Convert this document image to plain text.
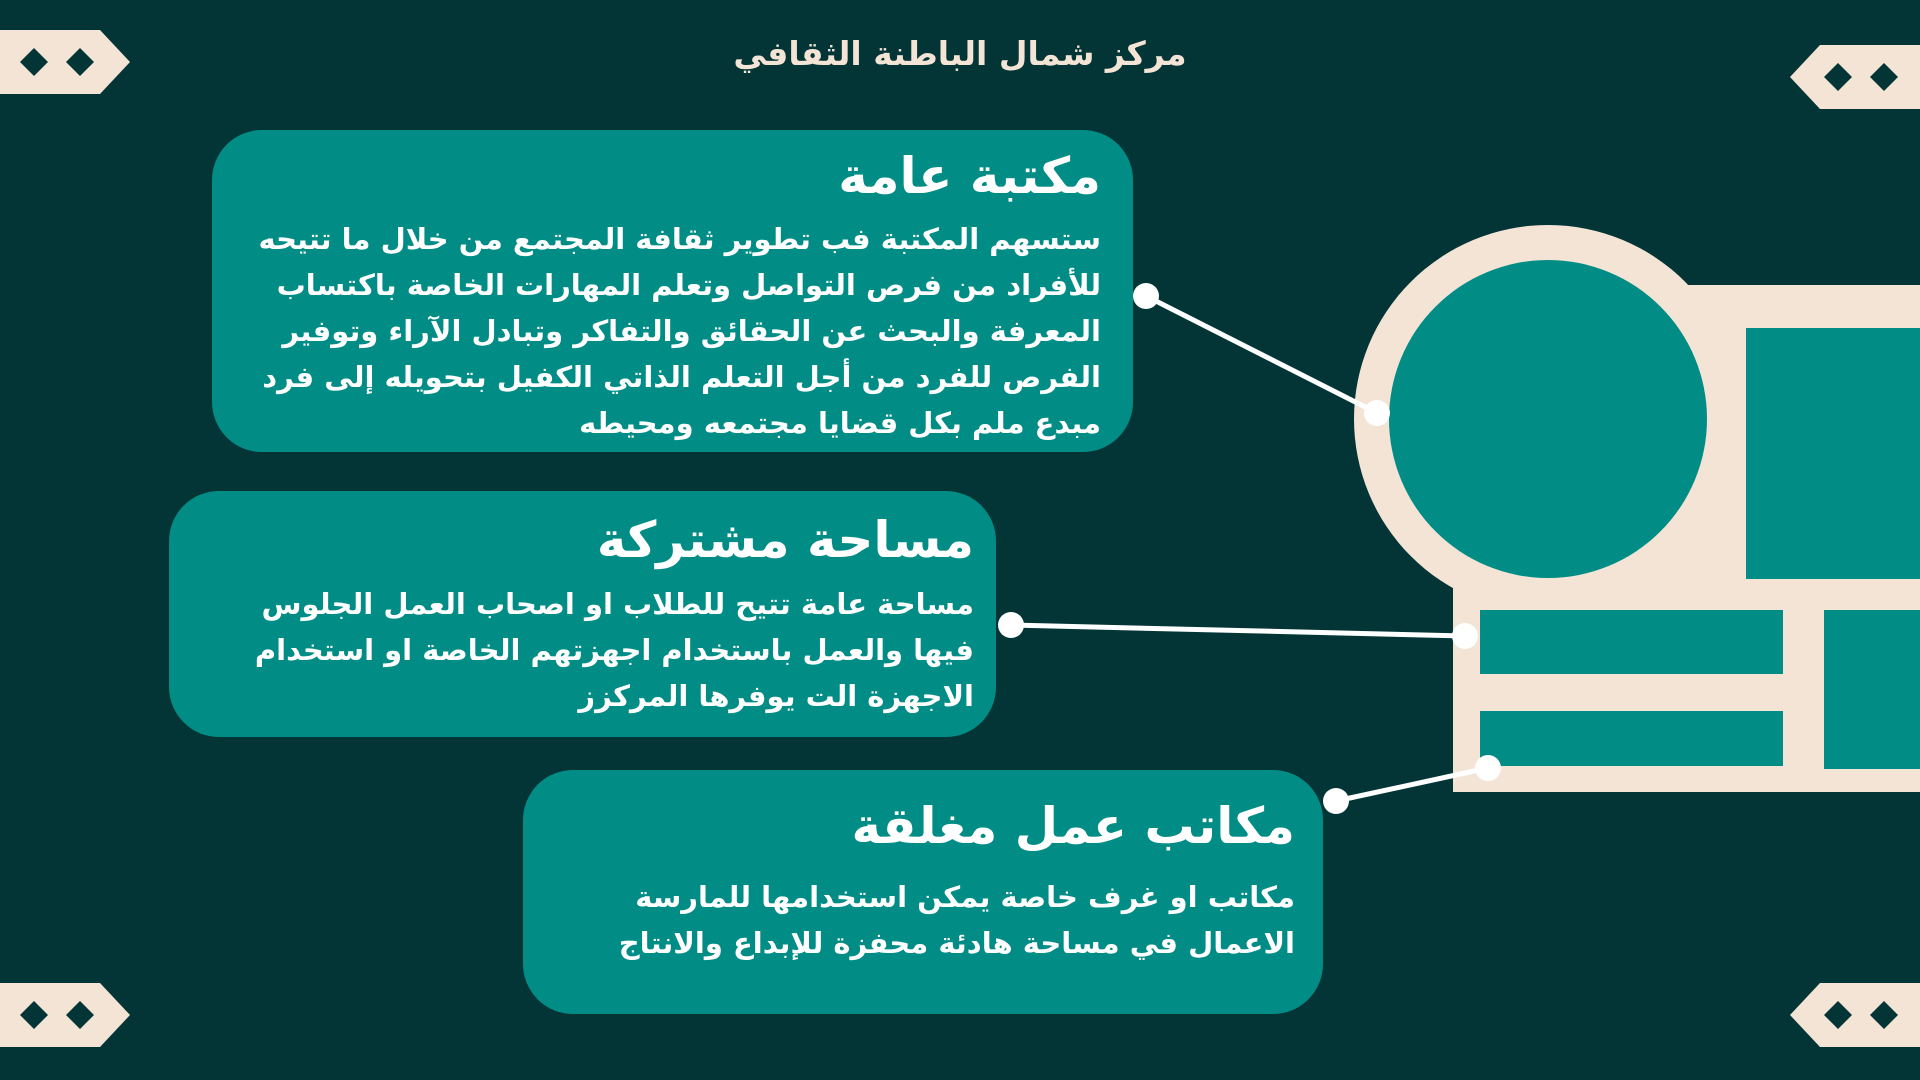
مركز شمال الباطنة الثقافي
مكتبة عامة

ستسهم المكتبة فب تطوير ثقافة المجتمع من خلال ما تتيحه للأفراد من فرص التواصل وتعلم المهارات الخاصة باكتساب المعرفة والبحث عن الحقائق والتفاكر وتبادل الآراء وتوفير الفرص للفرد من أجل التعلم الذاتي الكفيل بتحويله إلى فرد مبدع ملم بكل قضايا مجتمعه ومحيطه

مساحة مشتركة

مساحة عامة تتيح للطلاب او اصحاب العمل الجلوس فيها والعمل باستخدام اجهزتهم الخاصة او استخدام الاجهزة الت يوفرها المركزز

مكاتب عمل مغلقة

مكاتب او غرف خاصة يمكن استخدامها للمارسة الاعمال في مساحة هادئة محفزة للإبداع والانتاج
